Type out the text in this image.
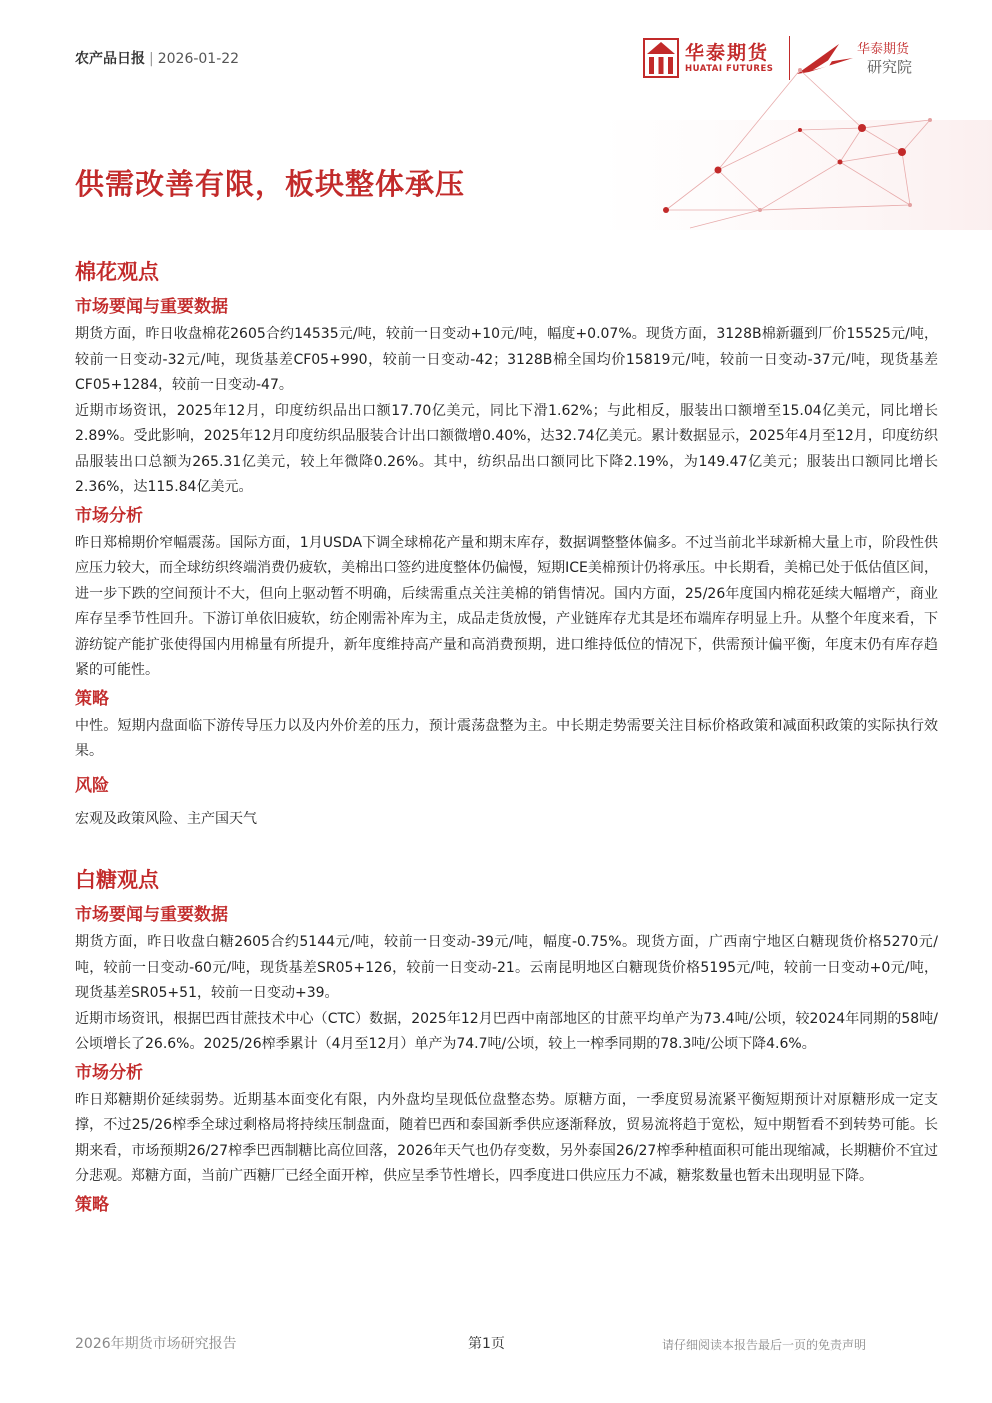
农产品日报 | 2026-01-22	华泰期货
HUATAI FUTURES
华泰期货
研究院
供需改善有限，板块整体承压
棉花观点
市场要闻与重要数据

期货方面，昨日收盘棉花2605合约14535元/吨，较前一日变动+10元/吨，幅度+0.07%。现货方面，3128B棉新疆到厂价15525元/吨，较前一日变动-32元/吨，现货基差CF05+990，较前一日变动-42；3128B棉全国均价15819元/吨，较前一日变动-37元/吨，现货基差CF05+1284，较前一日变动-47。

近期市场资讯，2025年12月，印度纺织品出口额17.70亿美元，同比下滑1.62%；与此相反，服装出口额增至15.04亿美元，同比增长2.89%。受此影响，2025年12月印度纺织品服装合计出口额微增0.40%，达32.74亿美元。累计数据显示，2025年4月至12月，印度纺织品服装出口总额为265.31亿美元，较上年微降0.26%。其中，纺织品出口额同比下降2.19%，为149.47亿美元；服装出口额同比增长2.36%，达115.84亿美元。

市场分析

昨日郑棉期价窄幅震荡。国际方面，1月USDA下调全球棉花产量和期末库存，数据调整整体偏多。不过当前北半球新棉大量上市，阶段性供应压力较大，而全球纺织终端消费仍疲软，美棉出口签约进度整体仍偏慢，短期ICE美棉预计仍将承压。中长期看，美棉已处于低估值区间，进一步下跌的空间预计不大，但向上驱动暂不明确，后续需重点关注美棉的销售情况。国内方面，25/26年度国内棉花延续大幅增产，商业库存呈季节性回升。下游订单依旧疲软，纺企刚需补库为主，成品走货放慢，产业链库存尤其是坯布端库存明显上升。从整个年度来看，下游纺锭产能扩张使得国内用棉量有所提升，新年度维持高产量和高消费预期，进口维持低位的情况下，供需预计偏平衡，年度末仍有库存趋紧的可能性。

策略

中性。短期内盘面临下游传导压力以及内外价差的压力，预计震荡盘整为主。中长期走势需要关注目标价格政策和减面积政策的实际执行效果。

风险

宏观及政策风险、主产国天气

白糖观点
市场要闻与重要数据

期货方面，昨日收盘白糖2605合约5144元/吨，较前一日变动-39元/吨，幅度-0.75%。现货方面，广西南宁地区白糖现货价格5270元/吨，较前一日变动-60元/吨，现货基差SR05+126，较前一日变动-21。云南昆明地区白糖现货价格5195元/吨，较前一日变动+0元/吨，现货基差SR05+51，较前一日变动+39。

近期市场资讯，根据巴西甘蔗技术中心（CTC）数据，2025年12月巴西中南部地区的甘蔗平均单产为73.4吨/公顷，较2024年同期的58吨/公顷增长了26.6%。2025/26榨季累计（4月至12月）单产为74.7吨/公顷，较上一榨季同期的78.3吨/公顷下降4.6%。

市场分析

昨日郑糖期价延续弱势。近期基本面变化有限，内外盘均呈现低位盘整态势。原糖方面，一季度贸易流紧平衡短期预计对原糖形成一定支撑，不过25/26榨季全球过剩格局将持续压制盘面，随着巴西和泰国新季供应逐渐释放，贸易流将趋于宽松，短中期暂看不到转势可能。长期来看，市场预期26/27榨季巴西制糖比高位回落，2026年天气也仍存变数，另外泰国26/27榨季种植面积可能出现缩减，长期糖价不宜过分悲观。郑糖方面，当前广西糖厂已经全面开榨，供应呈季节性增长，四季度进口供应压力不减，糖浆数量也暂未出现明显下降。

策略
2026年期货市场研究报告	第1页	请仔细阅读本报告最后一页的免责声明
